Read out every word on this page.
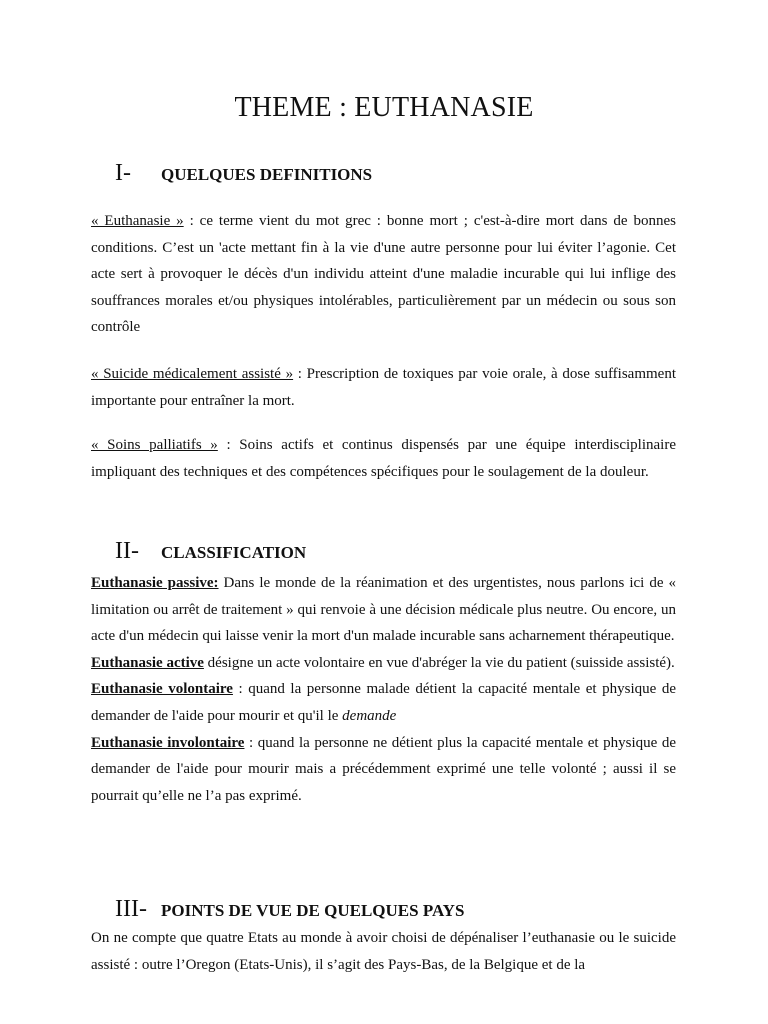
THEME : EUTHANASIE
I-	QUELQUES DEFINITIONS

« Euthanasie » : ce terme vient du mot grec : bonne mort ; c'est-à-dire mort dans de bonnes conditions. C’est un 'acte mettant fin à la vie d'une autre personne pour lui éviter l’agonie. Cet acte sert à provoquer le décès d'un individu atteint d'une maladie incurable qui lui inflige des souffrances morales et/ou physiques intolérables, particulièrement par un médecin ou sous son contrôle

« Suicide médicalement assisté » : Prescription de toxiques par voie orale, à dose suffisamment importante pour entraîner la mort.

« Soins palliatifs » : Soins actifs et continus dispensés par une équipe interdisciplinaire impliquant des techniques et des compétences spécifiques pour le soulagement de la douleur.

II-	CLASSIFICATION
Euthanasie passive: Dans le monde de la réanimation et des urgentistes, nous parlons ici de « limitation ou arrêt de traitement » qui renvoie à une décision médicale plus neutre. Ou encore, un acte d'un médecin qui laisse venir la mort d'un malade incurable sans acharnement thérapeutique.
Euthanasie active désigne un acte volontaire en vue d'abréger la vie du patient (suisside assisté).
Euthanasie volontaire : quand la personne malade détient la capacité mentale et physique de demander de l'aide pour mourir et qu'il le demande
Euthanasie involontaire : quand la personne ne détient plus la capacité mentale et physique de demander de l'aide pour mourir mais a précédemment exprimé une telle volonté ; aussi il se pourrait qu’elle ne l’a pas exprimé.
III- POINTS DE VUE DE QUELQUES PAYS

On ne compte que quatre Etats au monde à avoir choisi de dépénaliser l’euthanasie ou le suicide assisté : outre l’Oregon (Etats-Unis), il s’agit des Pays-Bas, de la Belgique et de la
